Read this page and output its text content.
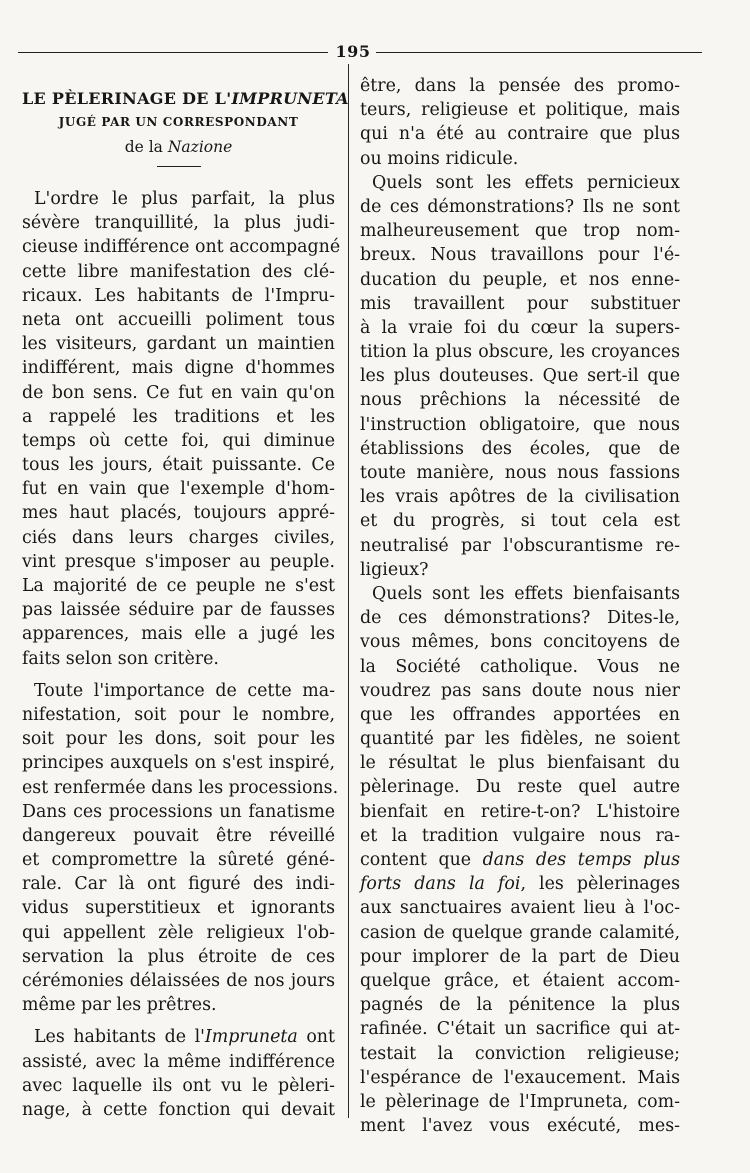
195
LE PÈLERINAGE DE L'IMPRUNETA
JUGÉ PAR UN CORRESPONDANT
de la Nazione
L'ordre le plus parfait, la plus
sévère tranquillité, la plus judi-
cieuse indifférence ont accompagné
cette libre manifestation des clé-
ricaux. Les habitants de l'Impru-
neta ont accueilli poliment tous
les visiteurs, gardant un maintien
indifférent, mais digne d'hommes
de bon sens. Ce fut en vain qu'on
a rappelé les traditions et les
temps où cette foi, qui diminue
tous les jours, était puissante. Ce
fut en vain que l'exemple d'hom-
mes haut placés, toujours appré-
ciés dans leurs charges civiles,
vint presque s'imposer au peuple.
La majorité de ce peuple ne s'est
pas laissée séduire par de fausses
apparences, mais elle a jugé les
faits selon son critère.
Toute l'importance de cette ma-
nifestation, soit pour le nombre,
soit pour les dons, soit pour les
principes auxquels on s'est inspiré,
est renfermée dans les processions.
Dans ces processions un fanatisme
dangereux pouvait être réveillé
et compromettre la sûreté géné-
rale. Car là ont figuré des indi-
vidus superstitieux et ignorants
qui appellent zèle religieux l'ob-
servation la plus étroite de ces
cérémonies délaissées de nos jours
même par les prêtres.
Les habitants de l'Impruneta ont
assisté, avec la même indifférence
avec laquelle ils ont vu le pèleri-
nage, à cette fonction qui devait
être, dans la pensée des promo-
teurs, religieuse et politique, mais
qui n'a été au contraire que plus
ou moins ridicule.
Quels sont les effets pernicieux
de ces démonstrations? Ils ne sont
malheureusement que trop nom-
breux. Nous travaillons pour l'é-
ducation du peuple, et nos enne-
mis travaillent pour substituer
à la vraie foi du cœur la supers-
tition la plus obscure, les croyances
les plus douteuses. Que sert-il que
nous prêchions la nécessité de
l'instruction obligatoire, que nous
établissions des écoles, que de
toute manière, nous nous fassions
les vrais apôtres de la civilisation
et du progrès, si tout cela est
neutralisé par l'obscurantisme re-
ligieux?
Quels sont les effets bienfaisants
de ces démonstrations? Dites-le,
vous mêmes, bons concitoyens de
la Société catholique. Vous ne
voudrez pas sans doute nous nier
que les offrandes apportées en
quantité par les fidèles, ne soient
le résultat le plus bienfaisant du
pèlerinage. Du reste quel autre
bienfait en retire-t-on? L'histoire
et la tradition vulgaire nous ra-
content que dans des temps plus
forts dans la foi, les pèlerinages
aux sanctuaires avaient lieu à l'oc-
casion de quelque grande calamité,
pour implorer de la part de Dieu
quelque grâce, et étaient accom-
pagnés de la pénitence la plus
rafinée. C'était un sacrifice qui at-
testait la conviction religieuse;
l'espérance de l'exaucement. Mais
le pèlerinage de l'Impruneta, com-
ment l'avez vous exécuté, mes-
